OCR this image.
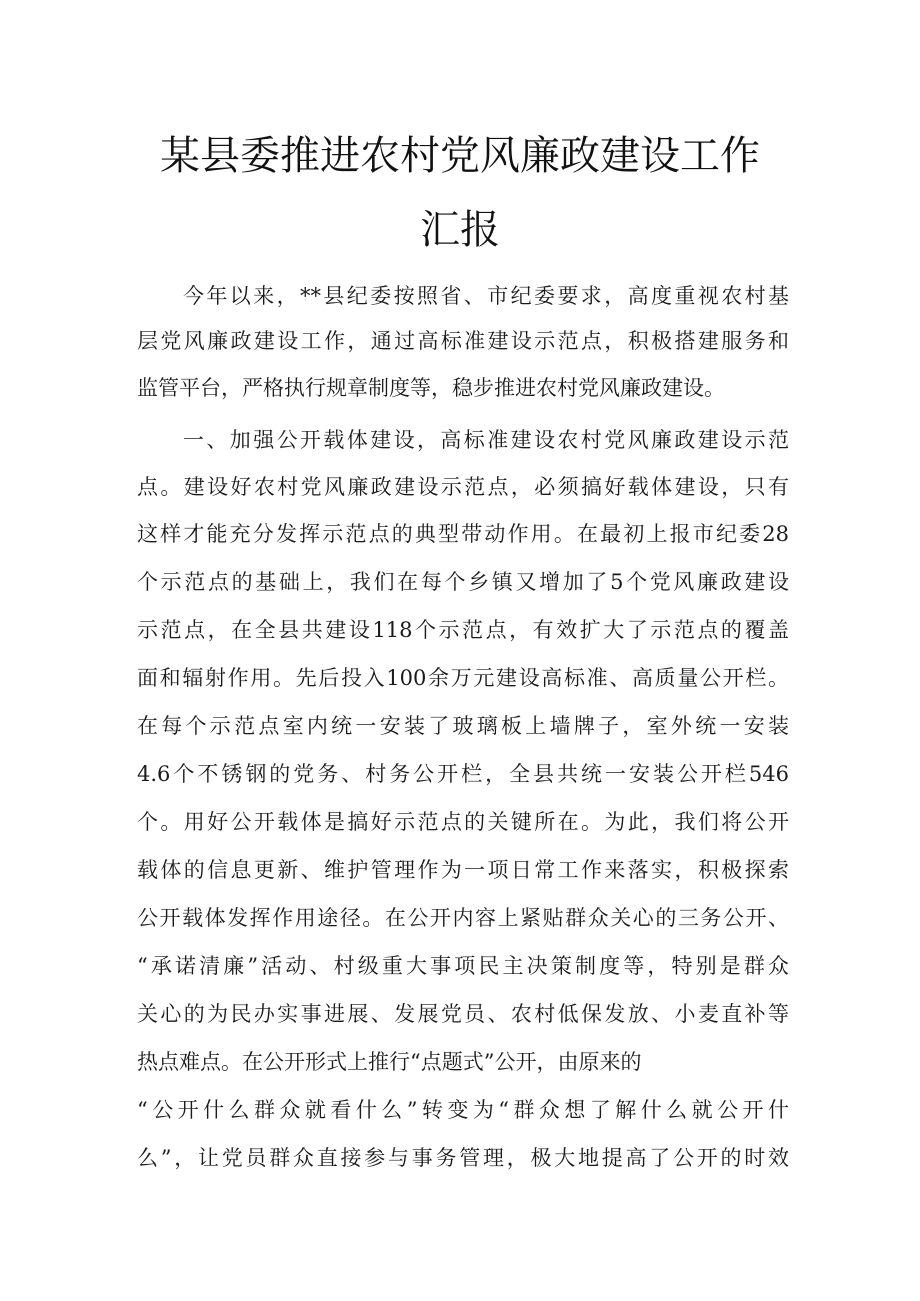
某县委推进农村党风廉政建设工作
汇报
今年以来，**县纪委按照省、市纪委要求，高度重视农村基
层党风廉政建设工作，通过高标准建设示范点，积极搭建服务和
监管平台，严格执行规章制度等，稳步推进农村党风廉政建设。
一、加强公开载体建设，高标准建设农村党风廉政建设示范
点。建设好农村党风廉政建设示范点，必须搞好载体建设，只有
这样才能充分发挥示范点的典型带动作用。在最初上报市纪委28
个示范点的基础上，我们在每个乡镇又增加了5个党风廉政建设
示范点，在全县共建设118个示范点，有效扩大了示范点的覆盖
面和辐射作用。先后投入100余万元建设高标准、高质量公开栏。
在每个示范点室内统一安装了玻璃板上墙牌子，室外统一安装
4.6个不锈钢的党务、村务公开栏，全县共统一安装公开栏546
个。用好公开载体是搞好示范点的关键所在。为此，我们将公开
载体的信息更新、维护管理作为一项日常工作来落实，积极探索
公开载体发挥作用途径。在公开内容上紧贴群众关心的三务公开、
“承诺清廉”活动、村级重大事项民主决策制度等，特别是群众
关心的为民办实事进展、发展党员、农村低保发放、小麦直补等
热点难点。在公开形式上推行“点题式”公开，由原来的
“公开什么群众就看什么”转变为“群众想了解什么就公开什
么”，让党员群众直接参与事务管理，极大地提高了公开的时效
